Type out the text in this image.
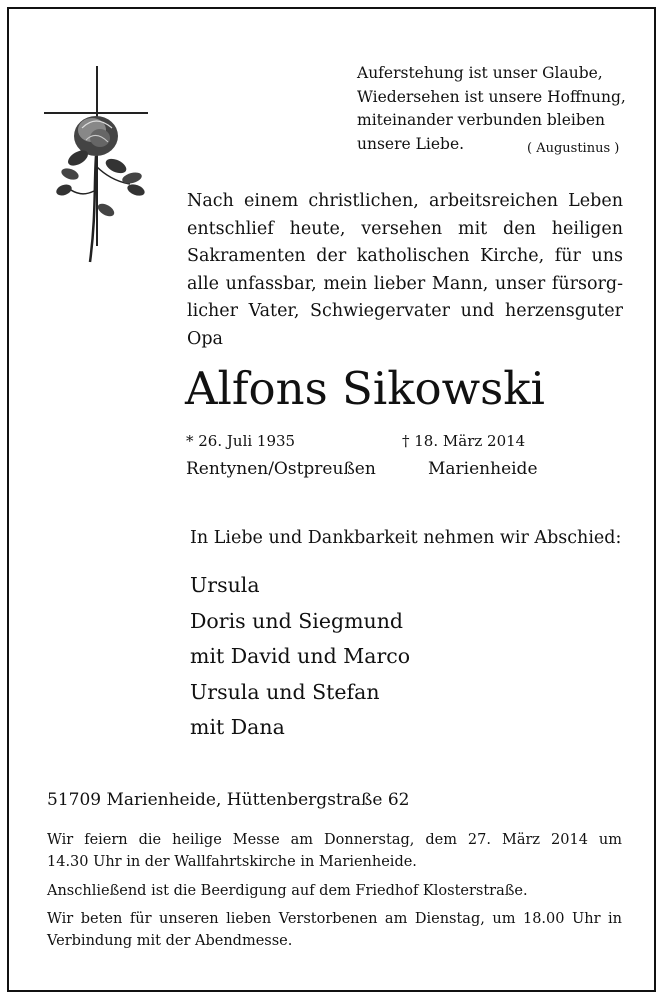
Auferstehung ist unser Glaube,
Wiedersehen ist unsere Hoffnung,
miteinander verbunden bleiben
unsere Liebe.	( Augustinus )
Nach einem christlichen, arbeitsreichen Leben
entschlief heute, versehen mit den heiligen
Sakramenten der katholischen Kirche, für uns
alle unfassbar, mein lieber Mann, unser fürsorg-
licher Vater, Schwiegervater und herzensguter
Opa
Alfons Sikowski
* 26. Juli 1935	† 18. März 2014
Rentynen/Ostpreußen	Marienheide
In Liebe und Dankbarkeit nehmen wir Abschied:
Ursula
Doris und Siegmund
mit David und Marco
Ursula und Stefan
mit Dana
51709 Marienheide, Hüttenbergstraße 62
Wir feiern die heilige Messe am Donnerstag, dem 27. März 2014 um
14.30 Uhr in der Wallfahrtskirche in Marienheide.
Anschließend ist die Beerdigung auf dem Friedhof Klosterstraße.
Wir beten für unseren lieben Verstorbenen am Dienstag, um 18.00 Uhr in
Verbindung mit der Abendmesse.
